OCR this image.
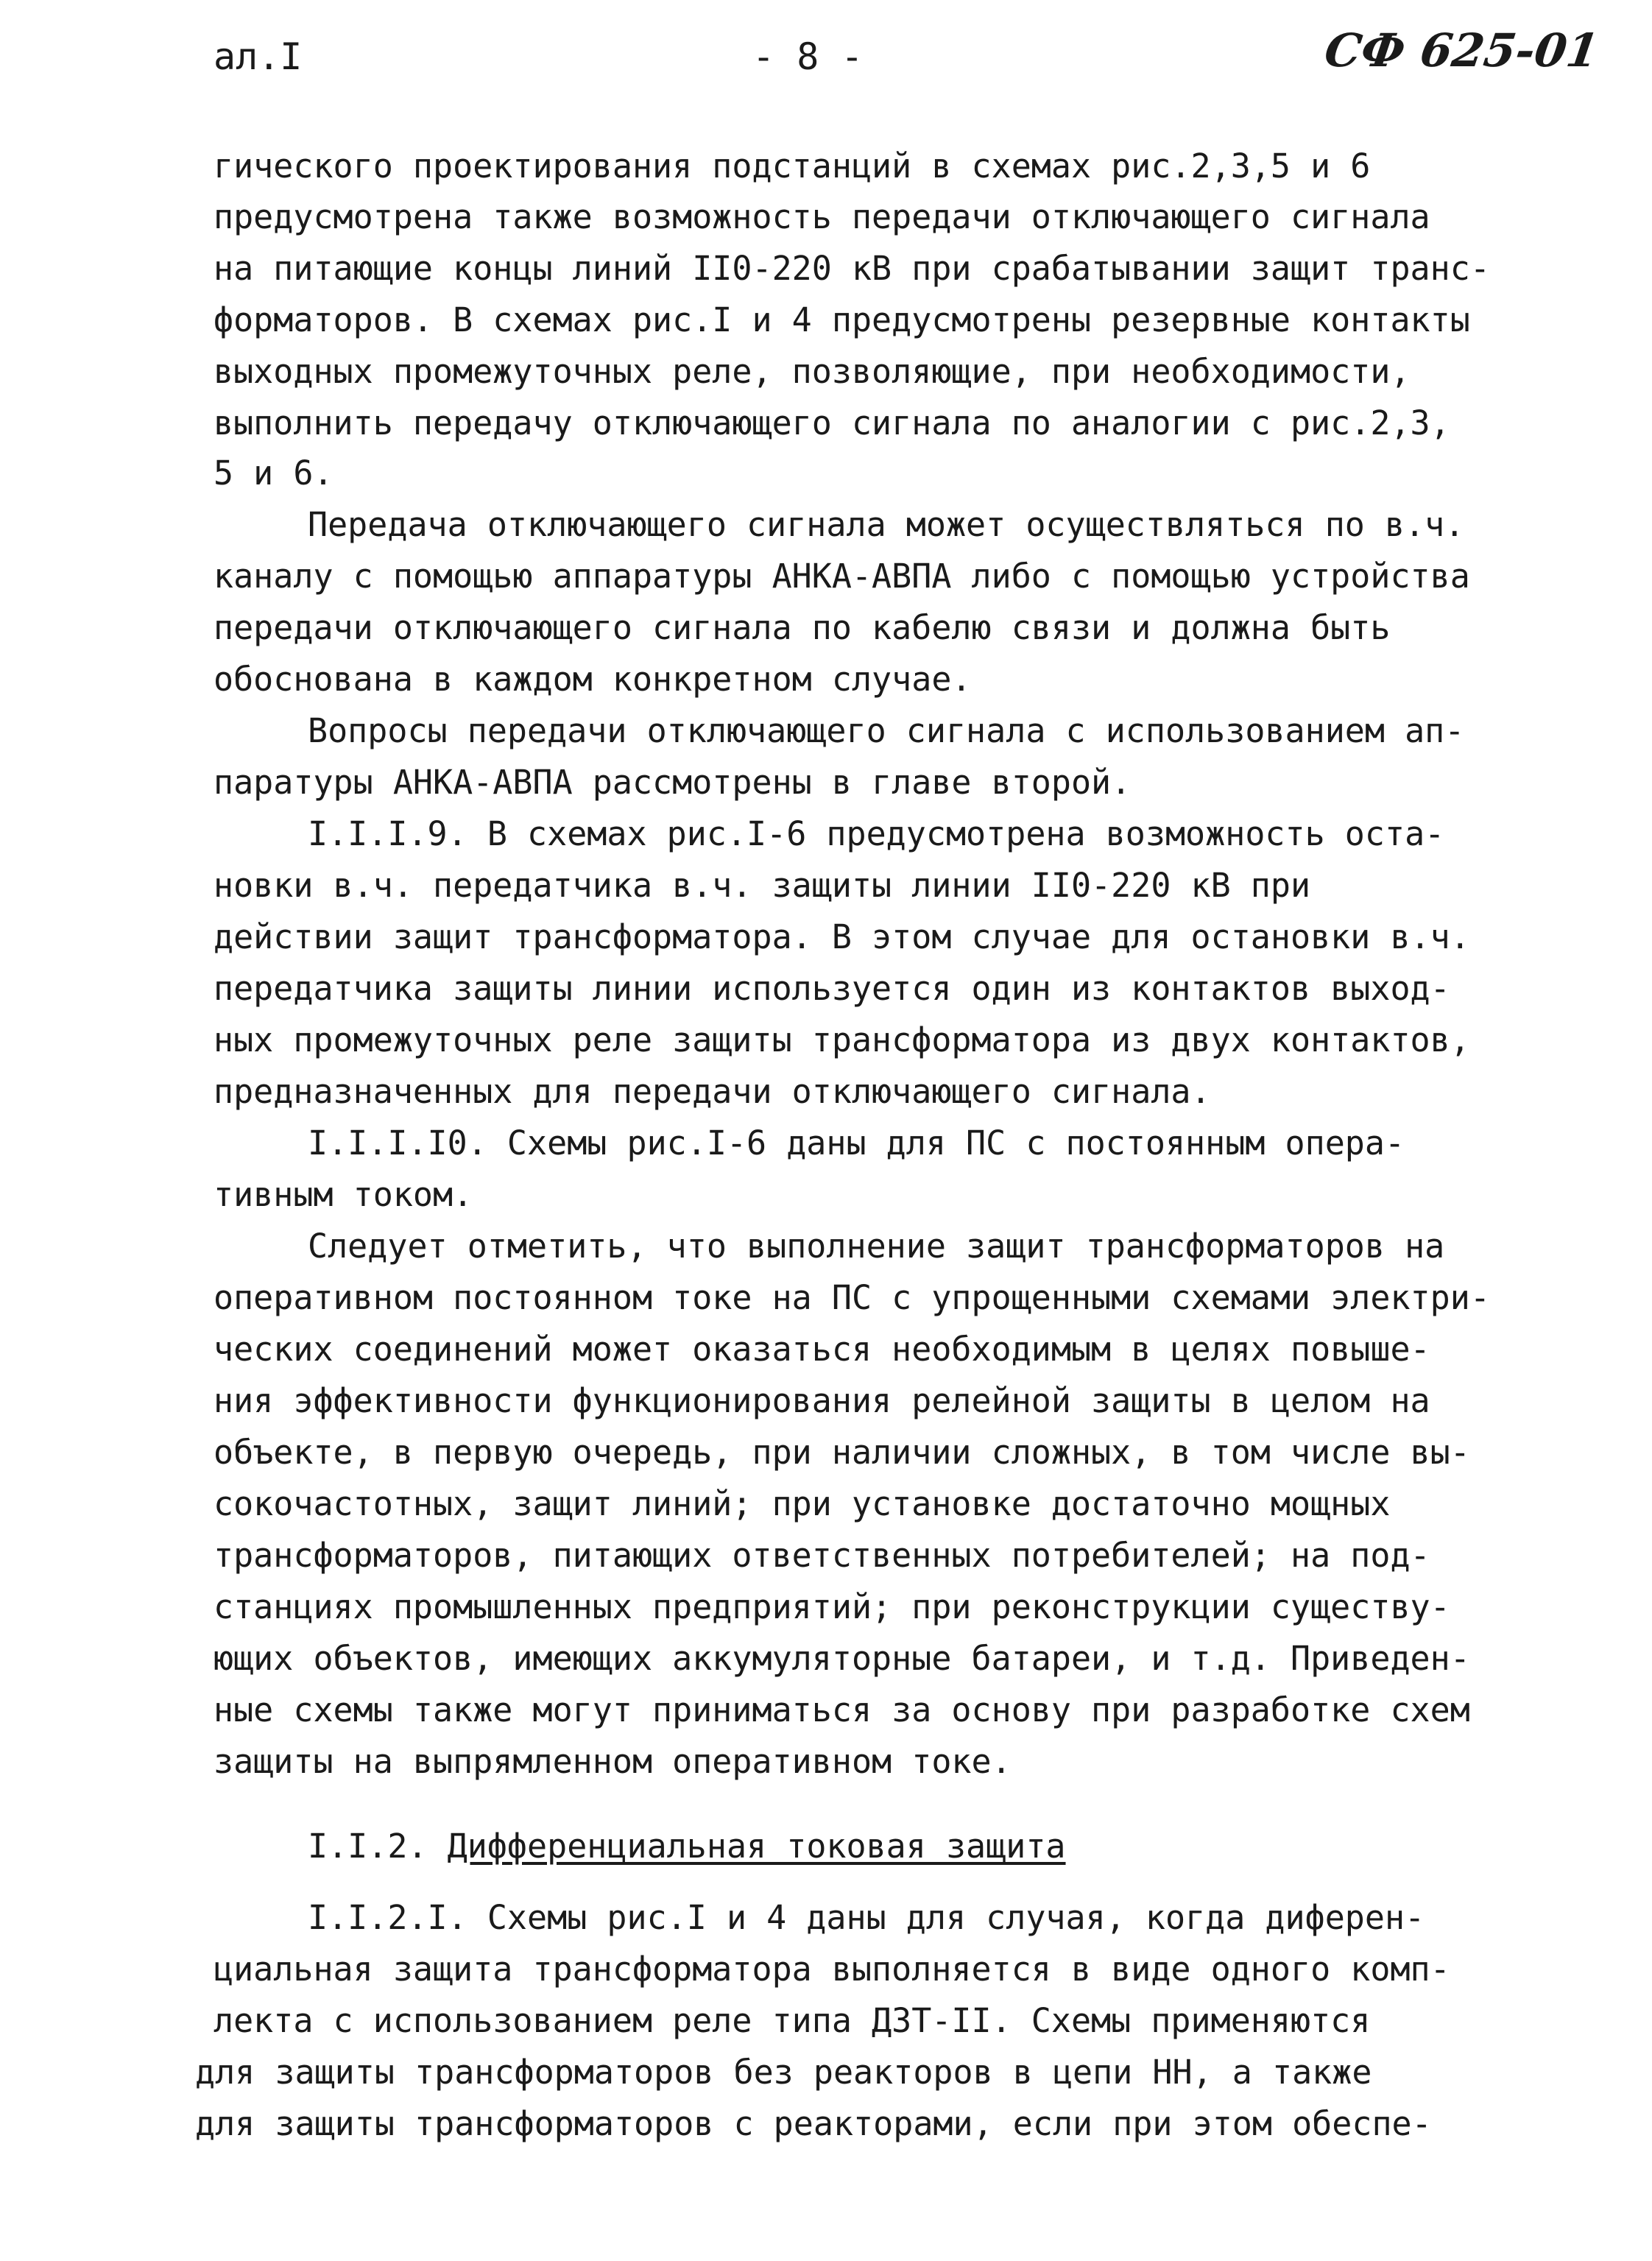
ал.I	- 8 -	СФ 625-01
гического проектирования подстанций в схемах рис.2,3,5 и 6
предусмотрена также возможность передачи отключающего сигнала
на питающие концы линий II0-220 кВ при срабатывании защит транс-
форматоров. В схемах рис.I и 4 предусмотрены резервные контакты
выходных промежуточных реле, позволяющие, при необходимости,
выполнить передачу отключающего сигнала по аналогии с рис.2,3,
5 и 6.
Передача отключающего сигнала может осуществляться по в.ч.
каналу с помощью аппаратуры АНКА-АВПА либо с помощью устройства
передачи отключающего сигнала по кабелю связи и должна быть
обоснована в каждом конкретном случае.
Вопросы передачи отключающего сигнала с использованием ап-
паратуры АНКА-АВПА рассмотрены в главе второй.
I.I.I.9. В схемах рис.I-6 предусмотрена возможность оста-
новки в.ч. передатчика в.ч. защиты линии II0-220 кВ при
действии защит трансформатора. В этом случае для остановки в.ч.
передатчика защиты линии используется один из контактов выход-
ных промежуточных реле защиты трансформатора из двух контактов,
предназначенных для передачи отключающего сигнала.
I.I.I.I0. Схемы рис.I-6 даны для ПС с постоянным опера-
тивным током.
Следует отметить, что выполнение защит трансформаторов на
оперативном постоянном токе на ПС с упрощенными схемами электри-
ческих соединений может оказаться необходимым в целях повыше-
ния эффективности функционирования релейной защиты в целом на
объекте, в первую очередь, при наличии сложных, в том числе вы-
сокочастотных, защит линий; при установке достаточно мощных
трансформаторов, питающих ответственных потребителей; на под-
станциях промышленных предприятий; при реконструкции существу-
ющих объектов, имеющих аккумуляторные батареи, и т.д. Приведен-
ные схемы также могут приниматься за основу при разработке схем
защиты на выпрямленном оперативном токе.
I.I.2. Дифференциальная токовая защита
I.I.2.I. Схемы рис.I и 4 даны для случая, когда диферен-
циальная защита трансформатора выполняется в виде одного комп-
лекта с использованием реле типа ДЗТ-II. Схемы применяются
для защиты трансформаторов без реакторов в цепи НН, а также
для защиты трансформаторов с реакторами, если при этом обеспе-
